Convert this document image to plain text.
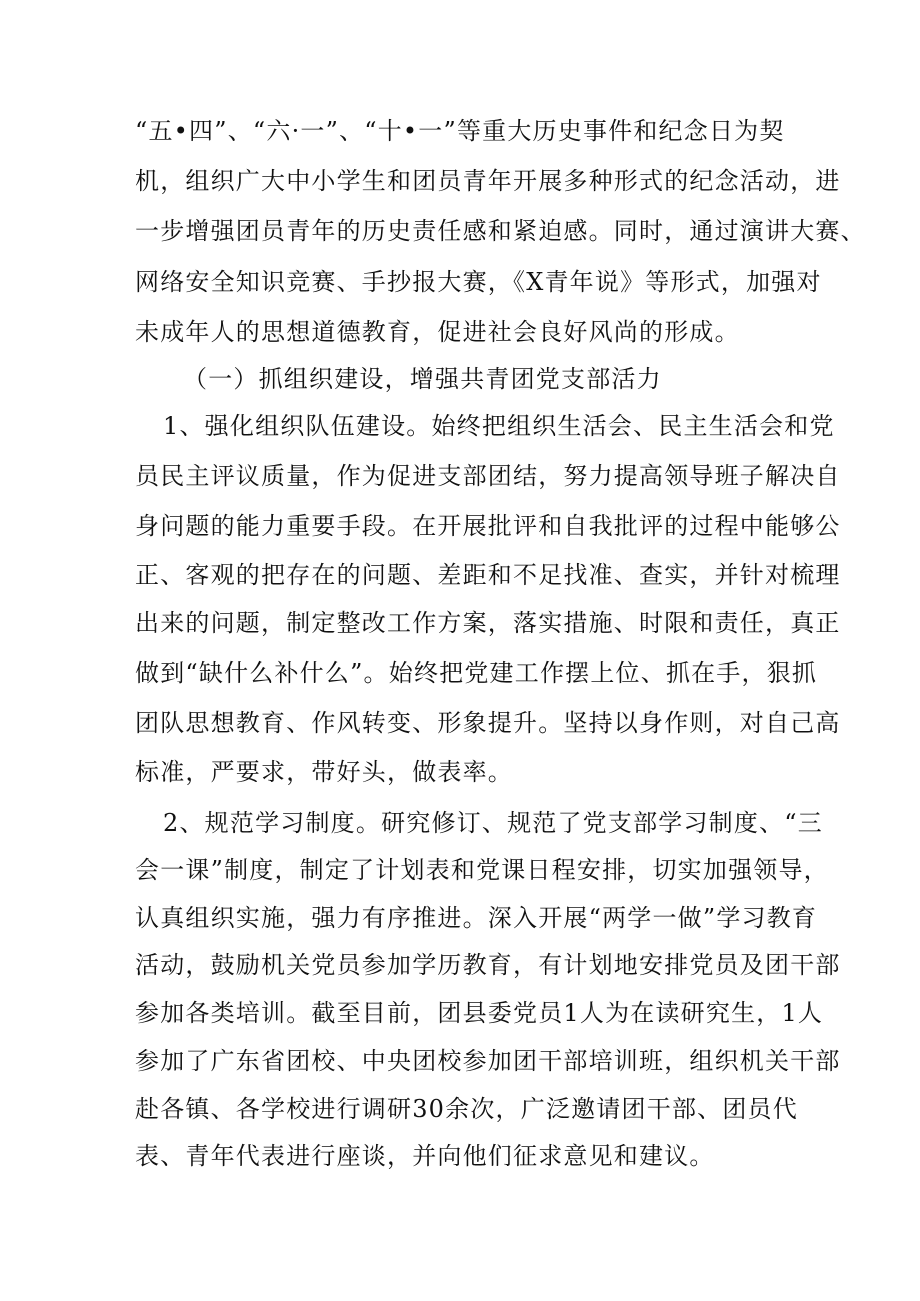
“五•四”、“六·一”、“十•一”等重大历史事件和纪念日为契
机，组织广大中小学生和团员青年开展多种形式的纪念活动，进
一步增强团员青年的历史责任感和紧迫感。同时，通过演讲大赛、
网络安全知识竞赛、手抄报大赛，《X青年说》等形式，加强对
未成年人的思想道德教育，促进社会良好风尚的形成。
（一）抓组织建设，增强共青团党支部活力
1、强化组织队伍建设。始终把组织生活会、民主生活会和党
员民主评议质量，作为促进支部团结，努力提高领导班子解决自
身问题的能力重要手段。在开展批评和自我批评的过程中能够公
正、客观的把存在的问题、差距和不足找准、查实，并针对梳理
出来的问题，制定整改工作方案，落实措施、时限和责任，真正
做到“缺什么补什么”。始终把党建工作摆上位、抓在手，狠抓
团队思想教育、作风转变、形象提升。坚持以身作则，对自己高
标准，严要求，带好头，做表率。
2、规范学习制度。研究修订、规范了党支部学习制度、“三
会一课”制度，制定了计划表和党课日程安排，切实加强领导，
认真组织实施，强力有序推进。深入开展“两学一做”学习教育
活动，鼓励机关党员参加学历教育，有计划地安排党员及团干部
参加各类培训。截至目前，团县委党员1人为在读研究生，1人
参加了广东省团校、中央团校参加团干部培训班，组织机关干部
赴各镇、各学校进行调研30余次，广泛邀请团干部、团员代
表、青年代表进行座谈，并向他们征求意见和建议。
